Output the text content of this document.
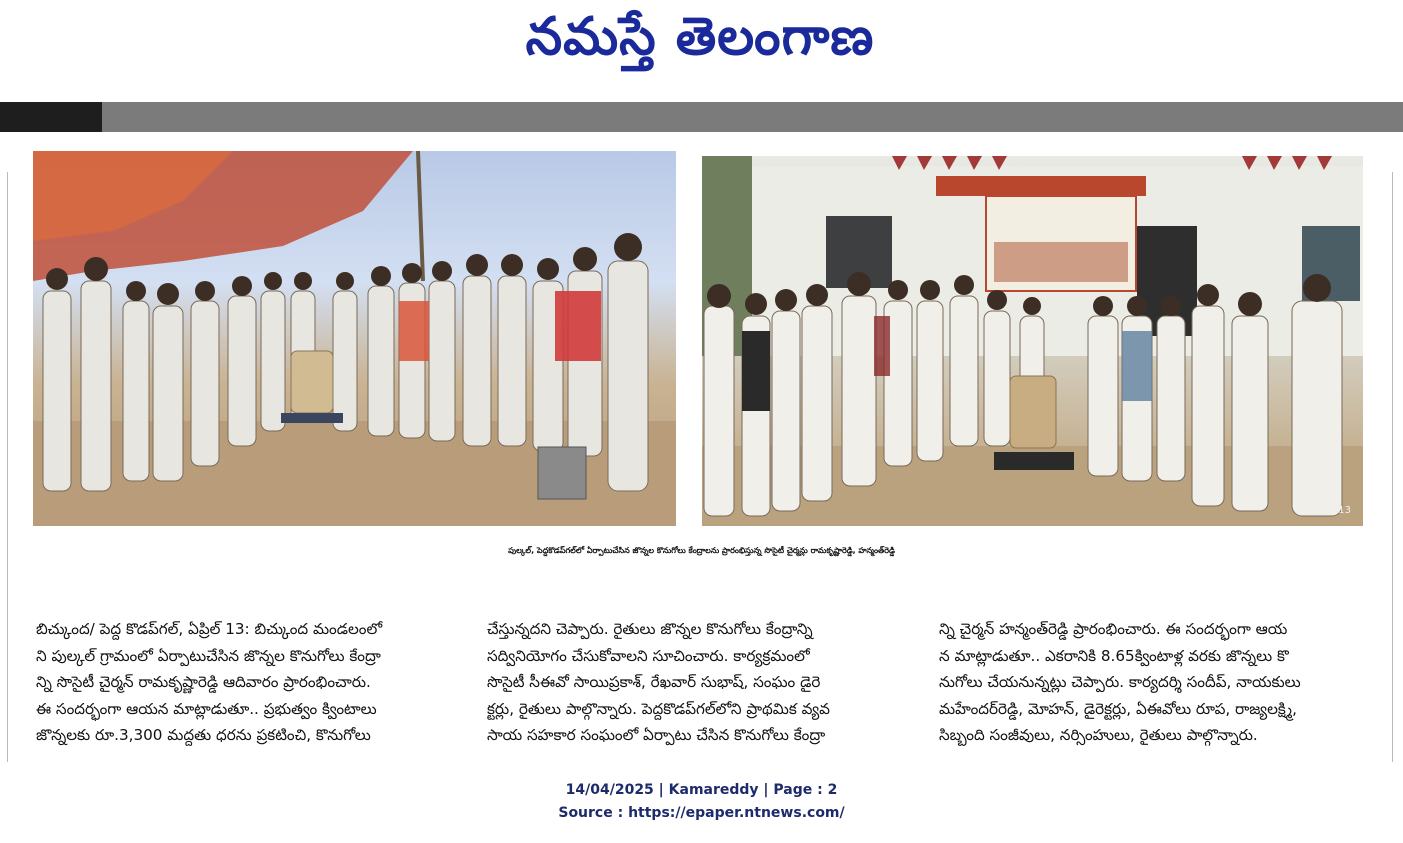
నమస్తే తెలంగాణ
13
పుల్కల్, పెద్దకొడప్‌గల్‌లో ఏర్పాటుచేసిన జొన్నల కొనుగోలు కేంద్రాలను ప్రారంభిస్తున్న సొసైటీ చైర్మన్లు రామకృష్ణారెడ్డి, హన్మంత్‌రెడ్డి

బిచ్కుంద/ పెద్ద కొడప్‌గల్, ఏప్రిల్ 13: బిచ్కుంద మండలంలో

ని పుల్కల్ గ్రామంలో ఏర్పాటుచేసిన జొన్నల కొనుగోలు కేంద్రా

న్ని సొసైటీ చైర్మన్ రామకృష్ణారెడ్డి ఆదివారం ప్రారంభించారు.

ఈ సందర్భంగా ఆయన మాట్లాడుతూ.. ప్రభుత్వం క్వింటాలు

జొన్నలకు రూ.3,300 మద్దతు ధరను ప్రకటించి, కొనుగోలు

చేస్తున్నదని చెప్పారు. రైతులు జొన్నల కొనుగోలు కేంద్రాన్ని

సద్వినియోగం చేసుకోవాలని సూచించారు. కార్యక్రమంలో

సొసైటీ సీఈవో సాయిప్రకాశ్, రేఖవార్ సుభాష్, సంఘం డైరె

క్టర్లు, రైతులు పాల్గొన్నారు. పెద్దకొడప్‌గల్‌లోని ప్రాథమిక వ్యవ

సాయ సహకార సంఘంలో ఏర్పాటు చేసిన కొనుగోలు కేంద్రా

న్ని చైర్మన్ హన్మంత్‌రెడ్డి ప్రారంభించారు. ఈ సందర్భంగా ఆయ

న మాట్లాడుతూ.. ఎకరానికి 8.65క్వింటాళ్ల వరకు జొన్నలు కొ

నుగోలు చేయనున్నట్లు చెప్పారు. కార్యదర్శి సందీప్, నాయకులు

మహేందర్‌రెడ్డి, మోహన్, డైరెక్టర్లు, ఏఈవోలు రూప, రాజ్యలక్ష్మి,

సిబ్బంది సంజీవులు, నర్సింహులు, రైతులు పాల్గొన్నారు.

14/04/2025 | Kamareddy | Page : 2
Source : https://epaper.ntnews.com/
